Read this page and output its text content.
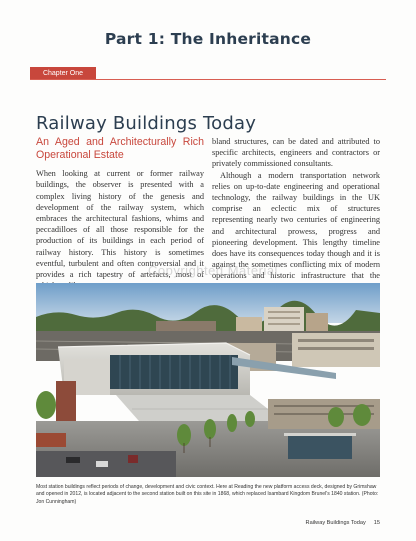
Part 1: The Inheritance
Chapter One
Railway Buildings Today
An Aged and Architecturally Rich Operational Estate

When looking at current or former railway buildings, the observer is presented with a complex living history of the genesis and development of the railway system, which embraces the architectural fashions, whims and peccadilloes of all those responsible for the production of its buildings in each period of railway history. This history is sometimes eventful, turbulent and often controversial and it provides a rich tapestry of artefacts, most of

bland structures, can be dated and attributed to specific architects, engineers and contractors or privately commissioned consultants.

Although a modern transportation network relies on up-to-date engineering and operational technology, the railway buildings in the UK comprise an eclectic mix of structures representing nearly two centuries of engineering and architectural prowess, progress and pioneering development. This lengthy timeline does have its consequences today though and it is against the sometimes conflicting mix of modern operations and historic infrastructure that the

Copyrighted Material
Most station buildings reflect periods of change, development and civic context. Here at Reading the new platform access deck, designed by Grimshaw and opened in 2012, is located adjacent to the second station built on this site in 1868, which replaced Isambard Kingdom Brunel's 1840 station. (Photo: Jon Cunningham)
Railway Buildings Today 15
